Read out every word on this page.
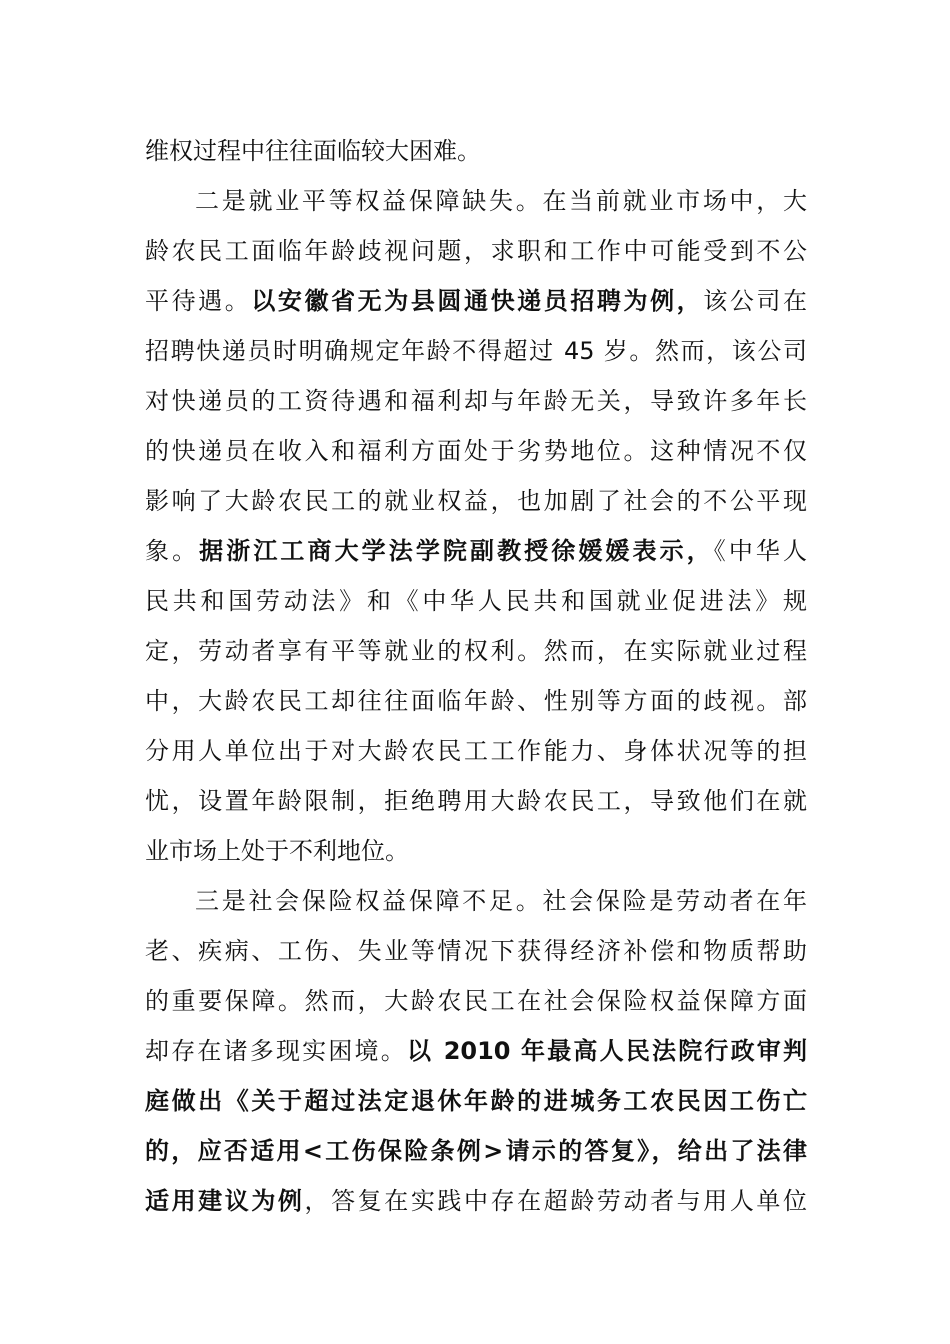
维权过程中往往面临较大困难。
二是就业平等权益保障缺失。在当前就业市场中，大
龄农民工面临年龄歧视问题，求职和工作中可能受到不公
平待遇。以安徽省无为县圆通快递员招聘为例，该公司在
招聘快递员时明确规定年龄不得超过 45 岁。然而，该公司
对快递员的工资待遇和福利却与年龄无关，导致许多年长
的快递员在收入和福利方面处于劣势地位。这种情况不仅
影响了大龄农民工的就业权益，也加剧了社会的不公平现
象。据浙江工商大学法学院副教授徐媛媛表示，《中华人
民共和国劳动法》和《中华人民共和国就业促进法》规
定，劳动者享有平等就业的权利。然而，在实际就业过程
中，大龄农民工却往往面临年龄、性别等方面的歧视。部
分用人单位出于对大龄农民工工作能力、身体状况等的担
忧，设置年龄限制，拒绝聘用大龄农民工，导致他们在就
业市场上处于不利地位。
三是社会保险权益保障不足。社会保险是劳动者在年
老、疾病、工伤、失业等情况下获得经济补偿和物质帮助
的重要保障。然而，大龄农民工在社会保险权益保障方面
却存在诸多现实困境。以 2010 年最高人民法院行政审判
庭做出《关于超过法定退休年龄的进城务工农民因工伤亡
的，应否适用<工伤保险条例>请示的答复》，给出了法律
适用建议为例，答复在实践中存在超龄劳动者与用人单位
